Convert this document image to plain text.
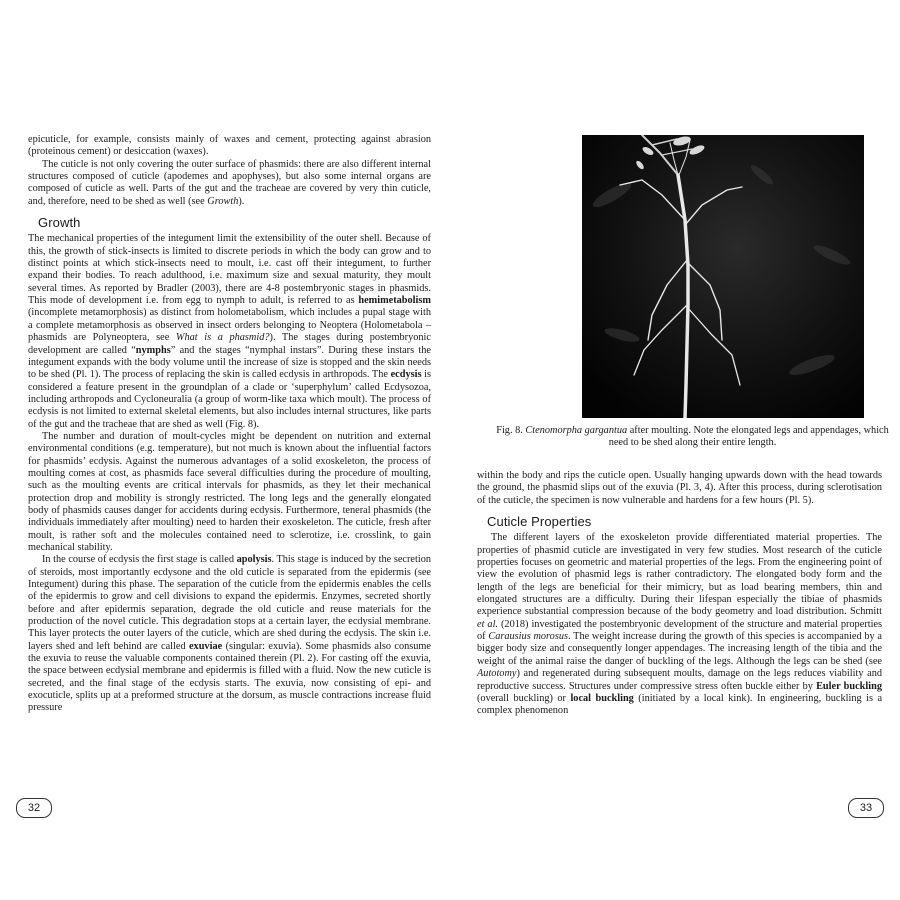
epicuticle, for example, consists mainly of waxes and cement, protecting against abrasion (proteinous cement) or desiccation (waxes).

The cuticle is not only covering the outer surface of phasmids: there are also different internal structures composed of cuticle (apodemes and apophyses), but also some internal organs are composed of cuticle as well. Parts of the gut and the tracheae are covered by very thin cuticle, and, therefore, need to be shed as well (see Growth).

Growth

The mechanical properties of the integument limit the extensibility of the outer shell. Because of this, the growth of stick-insects is limited to discrete periods in which the body can grow and to distinct points at which stick-insects need to moult, i.e. cast off their integument, to further expand their bodies. To reach adulthood, i.e. maximum size and sexual maturity, they moult several times. As reported by Bradler (2003), there are 4-8 postembryonic stages in phasmids. This mode of development i.e. from egg to nymph to adult, is referred to as hemimetabolism (incomplete metamorphosis) as distinct from holometabolism, which includes a pupal stage with a complete metamorphosis as observed in insect orders belonging to Neoptera (Holometabola – phasmids are Polyneoptera, see What is a phasmid?). The stages during postembryonic development are called “nymphs” and the stages “nymphal instars”. During these instars the integument expands with the body volume until the increase of size is stopped and the skin needs to be shed (Pl. 1). The process of replacing the skin is called ecdysis in arthropods. The ecdysis is considered a feature present in the groundplan of a clade or ‘superphylum’ called Ecdysozoa, including arthropods and Cycloneuralia (a group of worm-like taxa which moult). The process of ecdysis is not limited to external skeletal elements, but also includes internal structures, like parts of the gut and the tracheae that are shed as well (Fig. 8).

The number and duration of moult-cycles might be dependent on nutrition and external environmental conditions (e.g. temperature), but not much is known about the influential factors for phasmids’ ecdysis. Against the numerous advantages of a solid exoskeleton, the process of moulting comes at cost, as phasmids face several difficulties during the procedure of moulting, such as the moulting events are critical intervals for phasmids, as they let their mechanical protection drop and mobility is strongly restricted. The long legs and the generally elongated body of phasmids causes danger for accidents during ecdysis. Furthermore, teneral phasmids (the individuals immediately after moulting) need to harden their exoskeleton. The cuticle, fresh after moult, is rather soft and the molecules contained need to sclerotize, i.e. crosslink, to gain mechanical stability.

In the course of ecdysis the first stage is called apolysis. This stage is induced by the secretion of steroids, most importantly ecdysone and the old cuticle is separated from the epidermis (see Integument) during this phase. The separation of the cuticle from the epidermis enables the cells of the epidermis to grow and cell divisions to expand the epidermis. Enzymes, secreted shortly before and after epidermis separation, degrade the old cuticle and reuse materials for the production of the novel cuticle. This degradation stops at a certain layer, the ecdysial membrane. This layer protects the outer layers of the cuticle, which are shed during the ecdysis. The skin i.e. layers shed and left behind are called exuviae (singular: exuvia). Some phasmids also consume the exuvia to reuse the valuable components contained therein (Pl. 2). For casting off the exuvia, the space between ecdysial membrane and epidermis is filled with a fluid. Now the new cuticle is secreted, and the final stage of the ecdysis starts. The exuvia, now consisting of epi- and exocuticle, splits up at a preformed structure at the dorsum, as muscle contractions increase fluid pressure

32
Fig. 8. Ctenomorpha gargantua after moulting. Note the elongated legs and appendages, which need to be shed along their entire length.

within the body and rips the cuticle open. Usually hanging upwards down with the head towards the ground, the phasmid slips out of the exuvia (Pl. 3, 4). After this process, during sclerotisation of the cuticle, the specimen is now vulnerable and hardens for a few hours (Pl. 5).

Cuticle Properties

The different layers of the exoskeleton provide differentiated material properties. The properties of phasmid cuticle are investigated in very few studies. Most research of the cuticle properties focuses on geometric and material properties of the legs. From the engineering point of view the evolution of phasmid legs is rather contradictory. The elongated body form and the length of the legs are beneficial for their mimicry, but as load bearing members, thin and elongated structures are a difficulty. During their lifespan especially the tibiae of phasmids experience substantial compression because of the body geometry and load distribution. Schmitt et al. (2018) investigated the postembryonic development of the structure and material properties of Carausius morosus. The weight increase during the growth of this species is accompanied by a bigger body size and consequently longer appendages. The increasing length of the tibia and the weight of the animal raise the danger of buckling of the legs. Although the legs can be shed (see Autotomy) and regenerated during subsequent moults, damage on the legs reduces viability and reproductive success. Structures under compressive stress often buckle either by Euler buckling (overall buckling) or local buckling (initiated by a local kink). In engineering, buckling is a complex phenomenon

33
